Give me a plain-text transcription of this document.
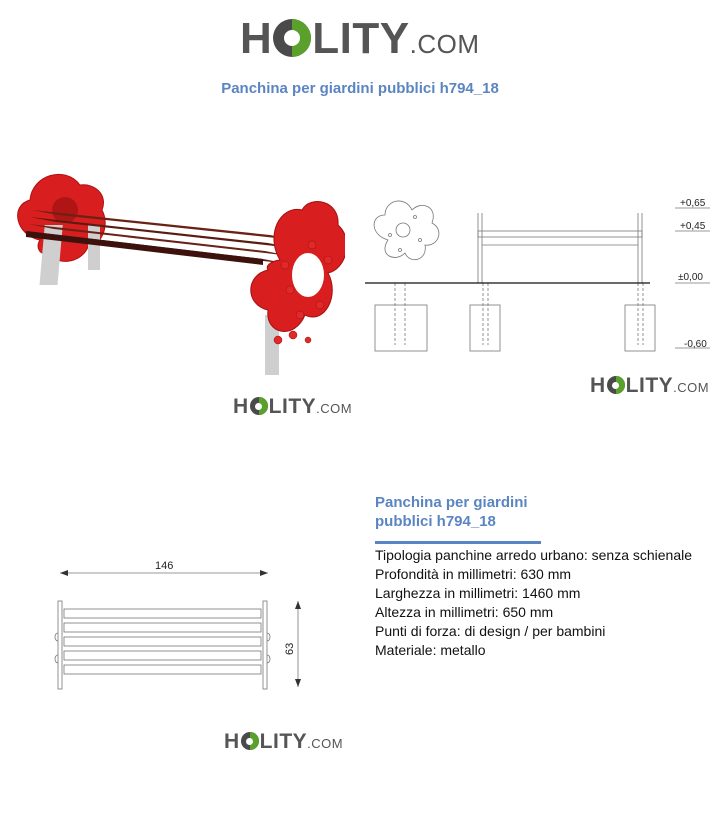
H LITY .COM
Panchina per giardini pubblici h794_18
+0,65
+0,45
±0,00
-0,60
H LITY .COM
H LITY .COM
146
63
Panchina per giardini
pubblici h794_18
Tipologia panchine arredo urbano: senza schienale
Profondità in millimetri: 630 mm
Larghezza in millimetri: 1460 mm
Altezza in millimetri: 650 mm
Punti di forza: di design / per bambini
Materiale: metallo
H LITY .COM
